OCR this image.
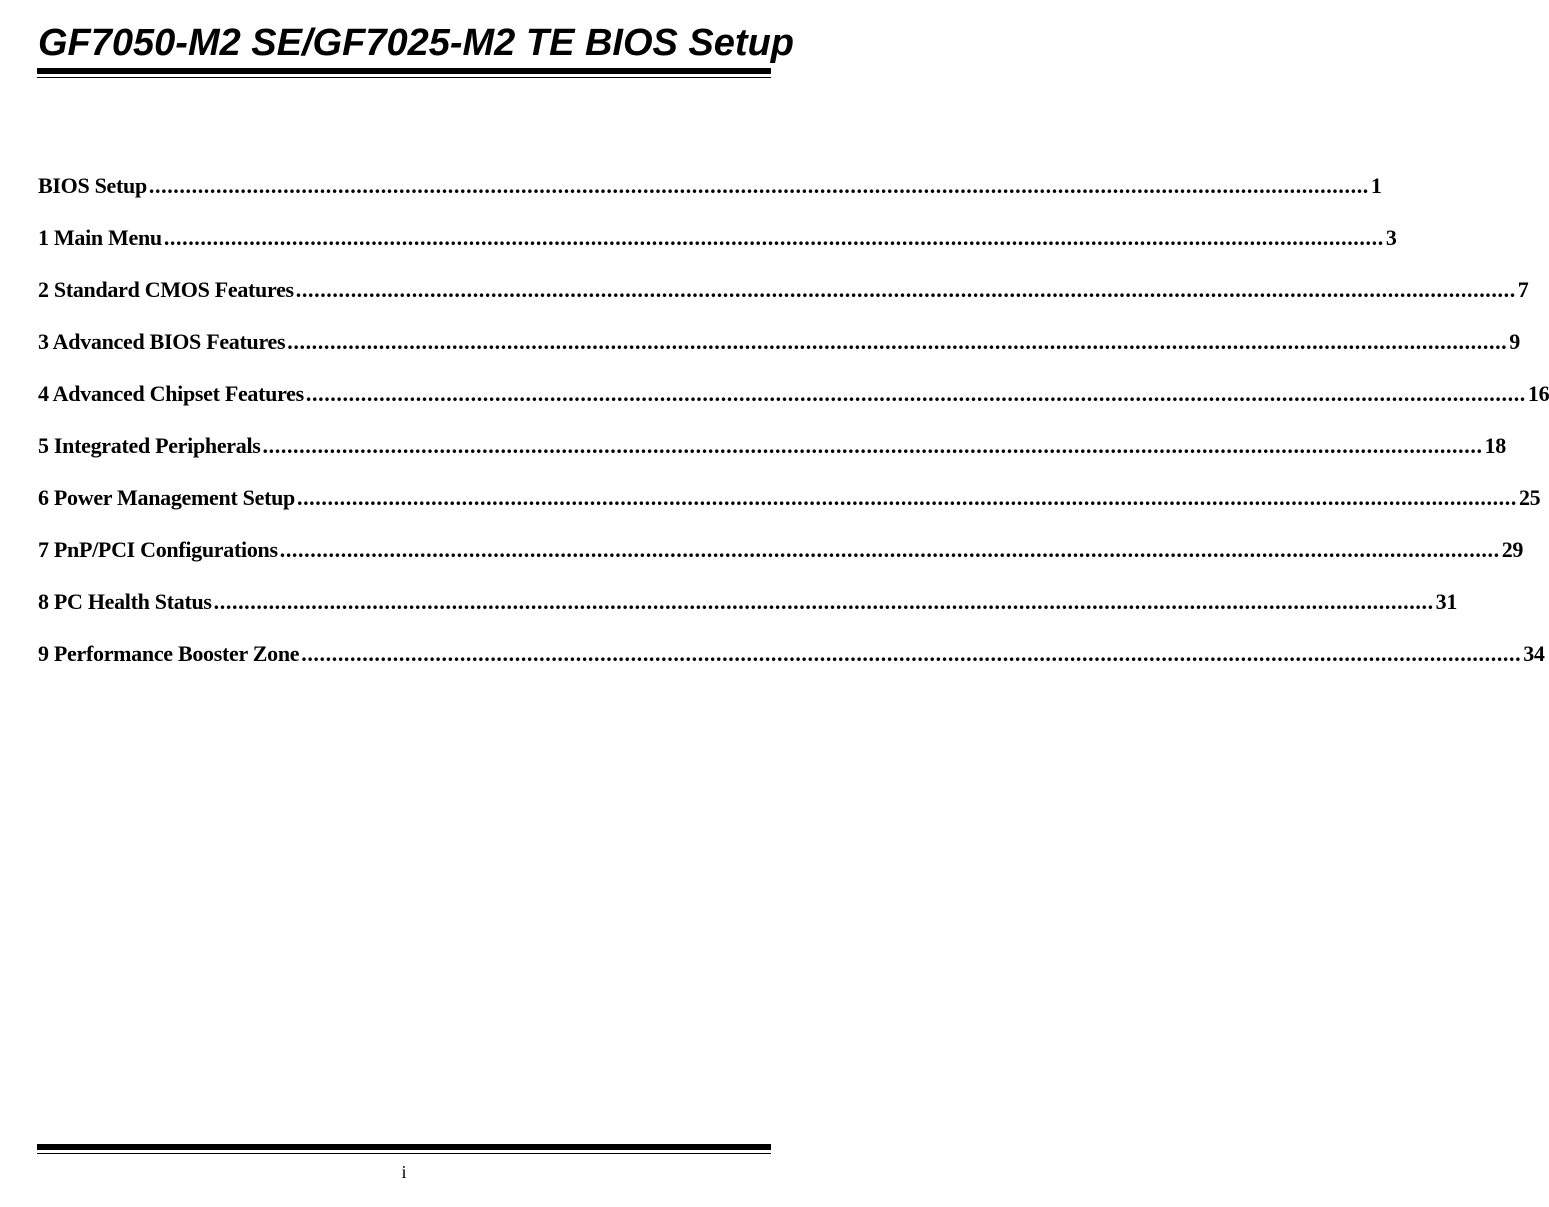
GF7050-M2 SE/GF7025-M2 TE BIOS Setup
BIOS Setup ........................................................................................................................................................................................................ 1
1 Main Menu ........................................................................................................................................................................................................ 3
2 Standard CMOS Features ........................................................................................................................................................................................................ 7
3 Advanced BIOS Features ........................................................................................................................................................................................................ 9
4 Advanced Chipset Features ........................................................................................................................................................................................................ 16
5 Integrated Peripherals ........................................................................................................................................................................................................ 18
6 Power Management Setup ........................................................................................................................................................................................................ 25
7 PnP/PCI Configurations ........................................................................................................................................................................................................ 29
8 PC Health Status ........................................................................................................................................................................................................ 31
9 Performance Booster Zone ........................................................................................................................................................................................................ 34
i
